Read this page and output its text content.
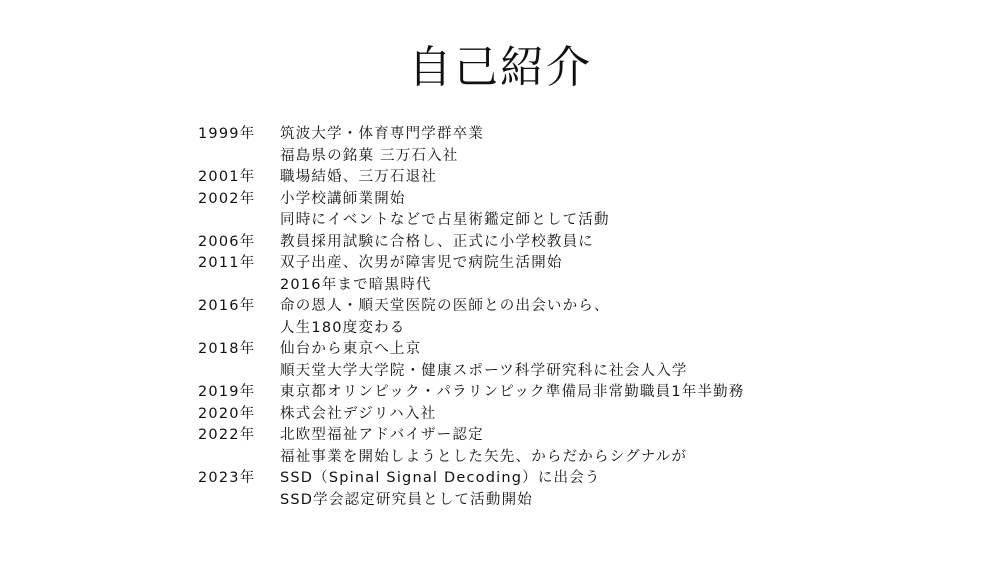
自己紹介
1999年	筑波大学・体育専門学群卒業
福島県の銘菓 三万石入社
2001年	職場結婚、三万石退社
2002年	小学校講師業開始
同時にイベントなどで占星術鑑定師として活動
2006年	教員採用試験に合格し、正式に小学校教員に
2011年	双子出産、次男が障害児で病院生活開始
2016年まで暗黒時代
2016年	命の恩人・順天堂医院の医師との出会いから、
人生180度変わる
2018年	仙台から東京へ上京
順天堂大学大学院・健康スポーツ科学研究科に社会人入学
2019年	東京都オリンピック・パラリンピック準備局非常勤職員1年半勤務
2020年	株式会社デジリハ入社
2022年	北欧型福祉アドバイザー認定
福祉事業を開始しようとした矢先、からだからシグナルが
2023年	SSD（Spinal Signal Decoding）に出会う
SSD学会認定研究員として活動開始
